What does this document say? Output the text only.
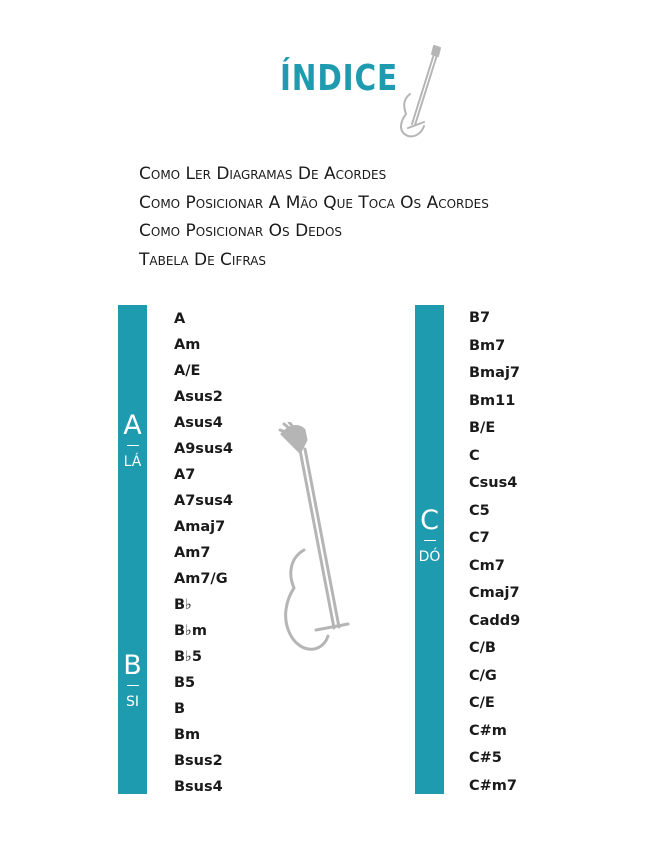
ÍNDICE
Como Ler Diagramas De Acordes
Como Posicionar A Mão Que Toca Os Acordes
Como Posicionar Os Dedos
Tabela De Cifras
A
LÁ
B
SI
A
Am
A/E
Asus2
Asus4
A9sus4
A7
A7sus4
Amaj7
Am7
Am7/G
B♭
B♭m
B♭5
B5
B
Bm
Bsus2
Bsus4
C
DÓ
B7
Bm7
Bmaj7
Bm11
B/E
C
Csus4
C5
C7
Cm7
Cmaj7
Cadd9
C/B
C/G
C/E
C#m
C#5
C#m7
